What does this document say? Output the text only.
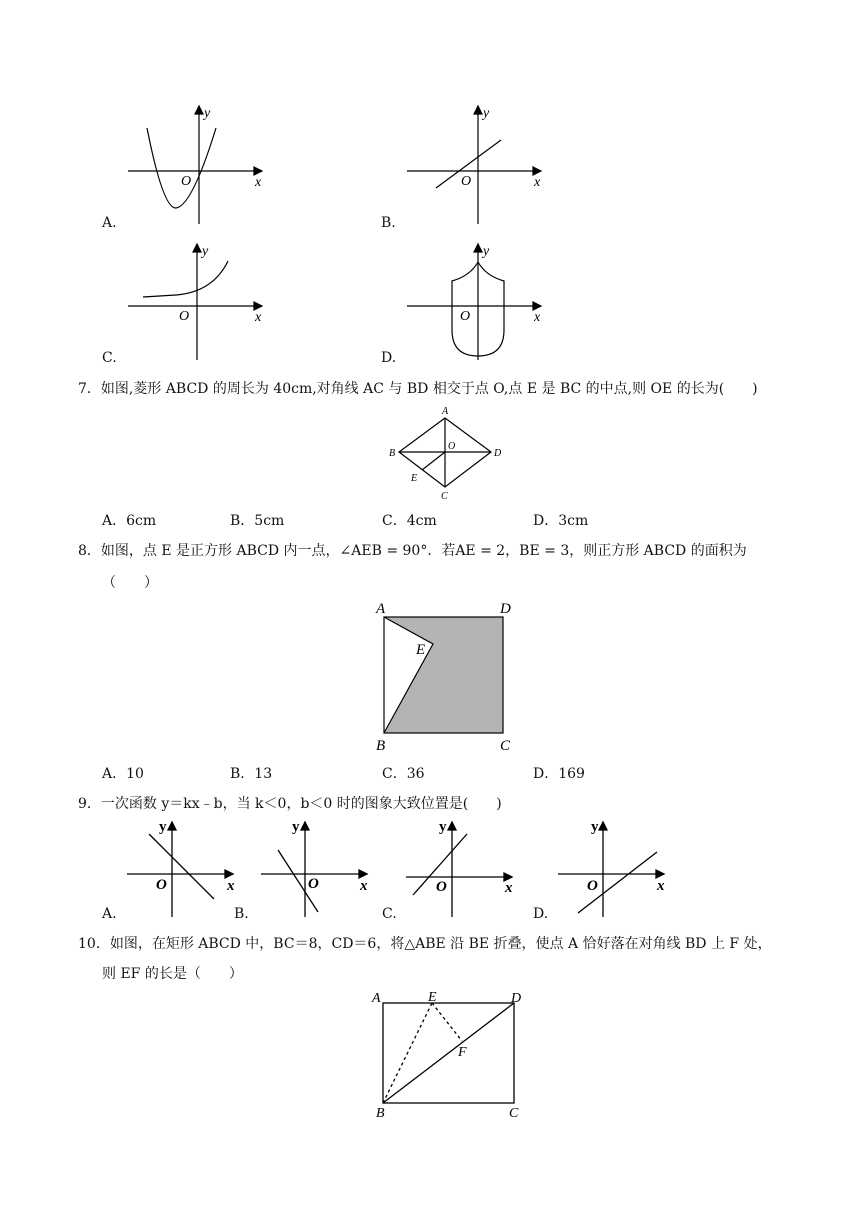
y
x
O
A.
y
x
O
B.
y
x
O
C.
y
x
O
D.
7．如图,菱形 ABCD 的周长为 40cm,对角线 AC 与 BD 相交于点 O,点 E 是 BC 的中点,则 OE 的长为(　　)
A
B
C
D
O
E
A．6cm	B．5cm	C．4cm	D．3cm
8．如图，点 E 是正方形 ABCD 内一点，∠AEB = 90°．若AE = 2，BE = 3，则正方形 ABCD 的面积为
（　　）
A	D
B	C
E
A．10	B．13	C．36	D．169
9．一次函数 y＝kx﹣b，当 k＜0，b＜0 时的图象大致位置是(　　)
y
x
O
y
x
O
y
x
O
y
x
O
A.	B.	C.	D.
10．如图，在矩形 ABCD 中，BC＝8，CD＝6，将△ABE 沿 BE 折叠，使点 A 恰好落在对角线 BD 上 F 处，
则 EF 的长是（　　）
A	E	D
F
B	C
